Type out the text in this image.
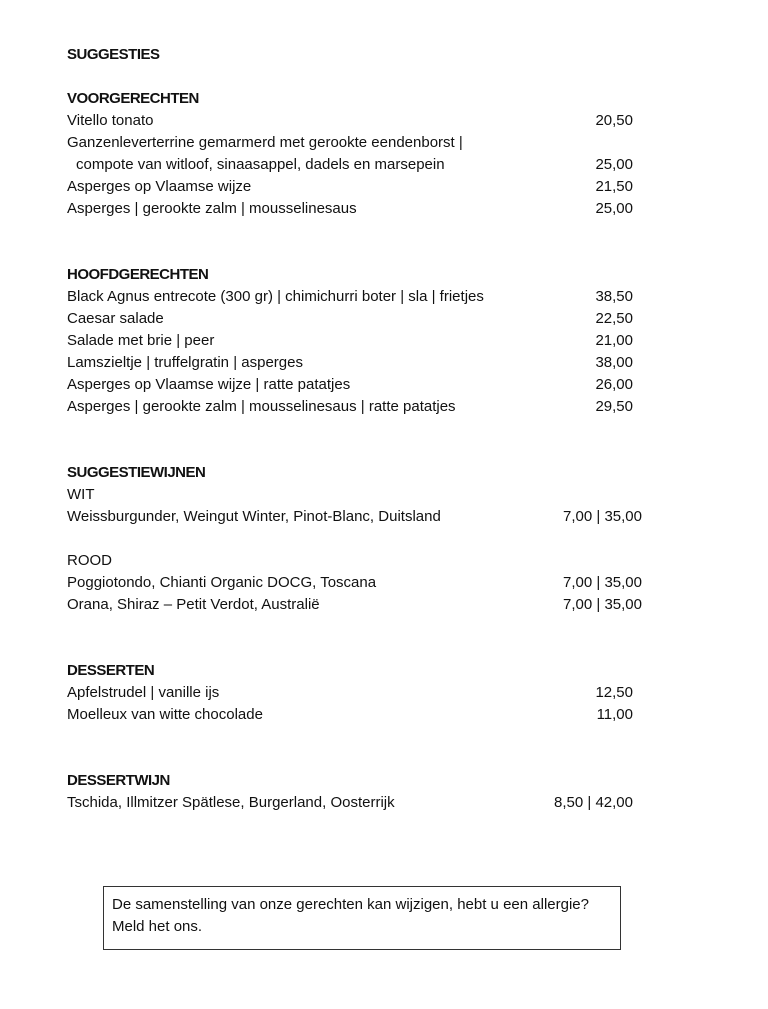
SUGGESTIES
VOORGERECHTEN
Vitello tonato	20,50
Ganzenleverterrine gemarmerd met gerookte eendenborst |
compote van witloof, sinaasappel, dadels en marsepein	25,00
Asperges op Vlaamse wijze	21,50
Asperges | gerookte zalm | mousselinesaus	25,00
HOOFDGERECHTEN
Black Agnus entrecote (300 gr) | chimichurri boter | sla | frietjes	38,50
Caesar salade	22,50
Salade met brie | peer	21,00
Lamszieltje | truffelgratin | asperges	38,00
Asperges op Vlaamse wijze | ratte patatjes	26,00
Asperges | gerookte zalm | mousselinesaus | ratte patatjes	29,50
SUGGESTIEWIJNEN
WIT
Weissburgunder, Weingut Winter, Pinot-Blanc, Duitsland	7,00 | 35,00
ROOD
Poggiotondo, Chianti Organic DOCG, Toscana	7,00 | 35,00
Orana, Shiraz – Petit Verdot, Australië	7,00 | 35,00
DESSERTEN
Apfelstrudel | vanille ijs	12,50
Moelleux van witte chocolade	11,00
DESSERTWIJN
Tschida, Illmitzer Spätlese, Burgerland, Oosterrijk	8,50 | 42,00

De samenstelling van onze gerechten kan wijzigen, hebt u een allergie?

Meld het ons.
